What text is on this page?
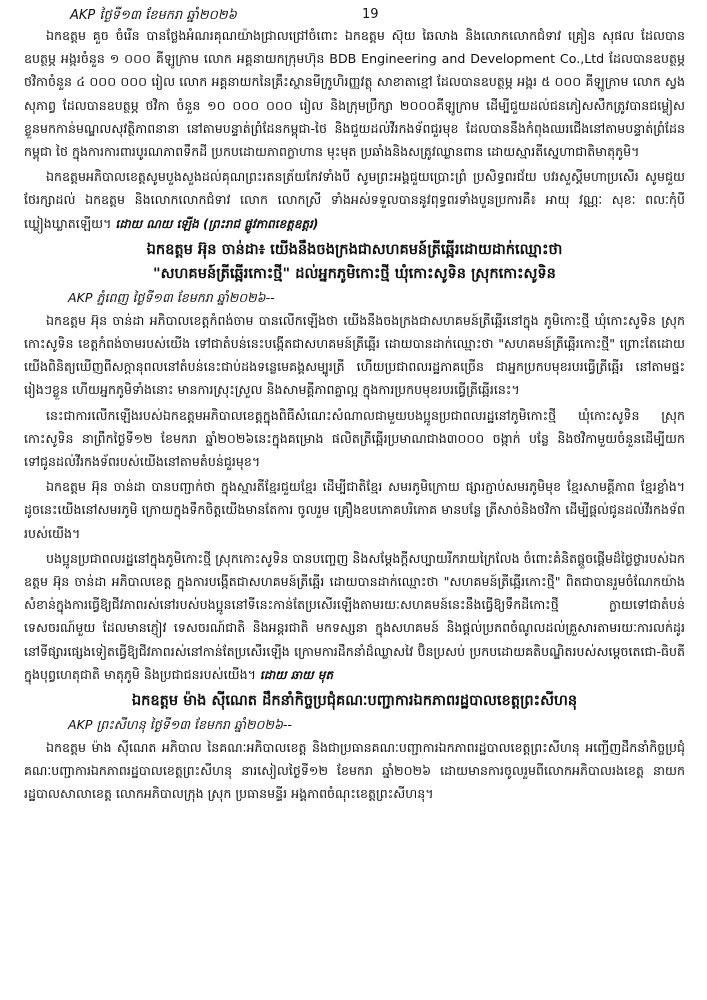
AKP ថ្ងៃទី១៣ ខែមករា ឆ្នាំ២០២៦	19

ឯកឧត្តម គួច ចំរើន បានថ្លែងអំណរគុណយ៉ាងជ្រាលជ្រៅចំពោះ ឯកឧត្តម ស៊ុយ ឆៃលាង និងលោកលោកជំទាវ គ្រៀន សុផល ដែលបានឧបត្ថម្ភ អង្ករចំនួន ១ ០០០ គីឡូក្រាម លោក អគ្គនាយកក្រុមហ៊ុន BDB Engineering and Development Co.,Ltd ដែលបានឧបត្ថម្ភ ថវិកាចំនួន ៤ ០០០ ០០០ រៀល លោក អគ្គនាយកនៃគ្រឹះស្ថានមីក្រូហិរញ្ញវត្ថុ សាខាតាខ្មៅ ដែលបានឧបត្ថម្ភ អង្ករ ៥ ០០០ គីឡូក្រាម លោក ស្វង សុភាព្វ ដែលបានឧបត្ថម្ភ ថវិកា ចំនួន ១០ ០០០ ០០០ រៀល និងក្រុមប្រឹក្សា ២០០០គីឡូក្រាម ដើម្បីជួយដល់ជនភៀសសឹកត្រូវបានជម្លៀសខ្លួនមកកាន់មណ្ឌលសុវត្ថិភាពនានា នៅតាមបន្ទាត់ព្រំដែនកម្ពុជា-ថៃ និងជួយដល់វីរកងទ័ពជួរមុខ ដែលបាននឹងកំពុងឈរជើងនៅតាមបន្ទាត់ព្រំដែនកម្ពុជា ថៃ ក្នុងការការពារបូរណភាពទឹកដី ប្រកបដោយភាពក្លាហាន មុះមុត ប្រឆាំងនិងសត្រូវឈ្លានពាន ដោយស្មារតីស្នេហាជាតិមាតុភូមិ។

ឯកឧត្តមអភិបាលខេត្តសូមបួងសួងដល់គុណព្រះរតនត្រ័យកែវទាំងបី សូមព្រះអង្គជួយប្រោះព្រំ ប្រសិទ្ធពរជ័យ បវរសួស្តីមហាប្រសើរ សូមជួយថែរក្សាដល់ ឯកឧត្តម និងលោកលោកជំទាវ លោក លោកស្រី ទាំងអស់ទទួលបាននូវពុទ្ធពរទាំងបួនប្រការគឺ៖ អាយុ វណ្ណៈ សុខៈ ពលៈកុំបីឃ្លៀងឃ្លាតឡើយ។ ដោយ ណយ ឡើង (ព្រះរាជ ផ្លូវភាពខេត្តឧត្តរ)

ឯកឧត្តម អ៊ុន ចាន់ដា៖ យើងនឹងចងក្រងជាសហគមន៍ត្រីឆ្អើរដោយដាក់ឈ្មោះថា
"សហគមន៍ត្រីឆ្អើរកោះថ្មី" ដល់អ្នកភូមិកោះថ្មី ឃុំកោះសូទិន ស្រុកកោះសូទិន
AKP ភ្នំពេញ ថ្ងៃទី១៣ ខែមករា ឆ្នាំ២០២៦--

ឯកឧត្តម អ៊ុន ចាន់ដា អភិបាលខេត្តកំពង់ចាម បានលើកឡើងថា យើងនឹងចងក្រងជាសហគមន៍ត្រីឆ្អើរនៅក្នុង ភូមិកោះថ្មី ឃុំកោះសូទិន ស្រុកកោះសូទិន ខេត្តកំពង់ចាមរបស់យើង ទៅជាតំបន់នេះបង្កើតជាសហគមន៍ត្រីឆ្អើរ ដោយបានដាក់ឈ្មោះថា "សហគមន៍ត្រីឆ្អើរកោះថ្មី" ព្រោះតែដោយយើងពិនិត្យឃើញពីសក្តានុពលនៅតំបន់នេះជាប់ដងទន្លេមេគង្គសម្បូរត្រី ហើយប្រជាពលរដ្ឋភាគច្រើន ជាអ្នកប្រកបមុខរបរធ្វើត្រីឆ្អើរ នៅតាមផ្ទះរៀងៗខ្លួន ហើយអ្នកភូមិទាំងនោះ មានការស្រុះស្រួល និងសាមគ្គីភាពគ្នាល្អ ក្នុងការប្រកបមុខរបរធ្វើត្រីឆ្អើរនេះ។

នេះជាការលើកឡើងរបស់ឯកឧត្តមអភិបាលខេត្តក្នុងពិធីសំណេះសំណាលជាមួយបងប្អូនប្រជាពលរដ្ឋនៅភូមិកោះថ្មី ឃុំកោះសូទិន ស្រុកកោះសូទិន នាព្រឹកថ្ងៃទី១២ ខែមករា ឆ្នាំ២០២៦នេះក្នុងគម្រោង ផលិតត្រីឆ្អើរប្រមាណជាង៣០០០ ចង្កាក់ បន្លែ និងថវិកាមួយចំនួនដើម្បីយកទៅជូនដល់វីរកងទ័ពរបស់យើងនៅតាមតំបន់ជួរមុខ។

ឯកឧត្តម អ៊ុន ចាន់ដា បានបញ្ជាក់ថា ក្នុងស្មារតីខ្មែរជួយខ្មែរ ដើម្បីជាតិខ្មែរ សមរភូមិក្រោយ ផ្សារភ្ជាប់សមរភូមិមុខ ខ្មែរសាមគ្គីភាព ខ្មែរខ្លាំង។ ដូចនេះយើងនៅសមរភូមិ ក្រោយក្នុងទឹកចិត្តយើងមានតែការ ចូលរួម គ្រឿងឧបភោគបរិភោគ មានបន្លែ ត្រីសាច់និងថវិកា ដើម្បីផ្តល់ជូនដល់វីរកងទ័ពរបស់យើង។

បងប្អូនប្រជាពលរដ្ឋនៅក្នុងភូមិកោះថ្មី ស្រុកកោះសូទិន បានបញ្ចេញ និងសម្តែងក្តីសប្បាយរីករាយក្រៃលែង ចំពោះគំនិតផ្តួចផ្តើមដ៏ថ្លៃថ្លារបស់ឯកឧត្តម អ៊ុន ចាន់ដា អភិបាលខេត្ត ក្នុងការបង្កើតជាសហគមន៍ត្រីឆ្អើរ ដោយបានដាក់ឈ្មោះថា "សហគមន៍ត្រីឆ្អើរកោះថ្មី" ពិតជាបានរួមចំណែកយ៉ាងសំខាន់ក្នុងការធ្វើឱ្យជីវភាពរស់នៅរបស់បងប្អូននៅទីនេះកាន់តែប្រសើរឡើងតាមរយៈសហគមន៍នេះនឹងធ្វើឱ្យទឹកដីកោះថ្មី ក្លាយទៅជាតំបន់ទេសចរណ៍មួយ ដែលមានភ្ញៀវ ទេសចរណ៍ជាតិ និងអន្តរជាតិ មកទស្សនា ក្នុងសហគមន៍ និងផ្តល់ប្រភពចំណូលដល់គ្រួសារតាមរយៈការលក់ដូរនៅទីផ្សារផ្សេងទៀតធ្វើឱ្យជីវភាពរស់នៅកាន់តែប្រសើរឡើង ក្រោមការដឹកនាំដ៏ឈ្លាសវៃ ប៊ិនប្រសប់ ប្រកបដោយគតិបណ្ឌិតរបស់សម្តេចតេជោ-ធិបតី ក្នុងបុព្វហេតុជាតិ មាតុភូមិ និងប្រជាជនរបស់យើង។ ដោយ ឆាយ មុត

ឯកឧត្តម ម៉ាង ស៊ីណេត ដឹកនាំកិច្ចប្រជុំគណៈបញ្ជាការឯកភាពរដ្ឋបាលខេត្តព្រះសីហនុ
AKP ព្រះសីហនុ ថ្ងៃទី១៣ ខែមករា ឆ្នាំ២០២៦--

ឯកឧត្តម ម៉ាង ស៊ីណេត អភិបាល នៃគណៈអភិបាលខេត្ត និងជាប្រធានគណៈបញ្ជាការឯកភាពរដ្ឋបាលខេត្តព្រះសីហនុ អញ្ជើញដឹកនាំកិច្ចប្រជុំគណៈបញ្ជាការឯកភាពរដ្ឋបាលខេត្តព្រះសីហនុ នារសៀលថ្ងៃទី១២ ខែមករា ឆ្នាំ២០២៦ ដោយមានការចូលរួមពីលោកអភិបាលរងខេត្ត នាយករដ្ឋបាលសាលាខេត្ត លោកអភិបាលក្រុង ស្រុក ប្រធានមន្ទីរ អង្គភាពចំណុះខេត្តព្រះសីហនុ។
